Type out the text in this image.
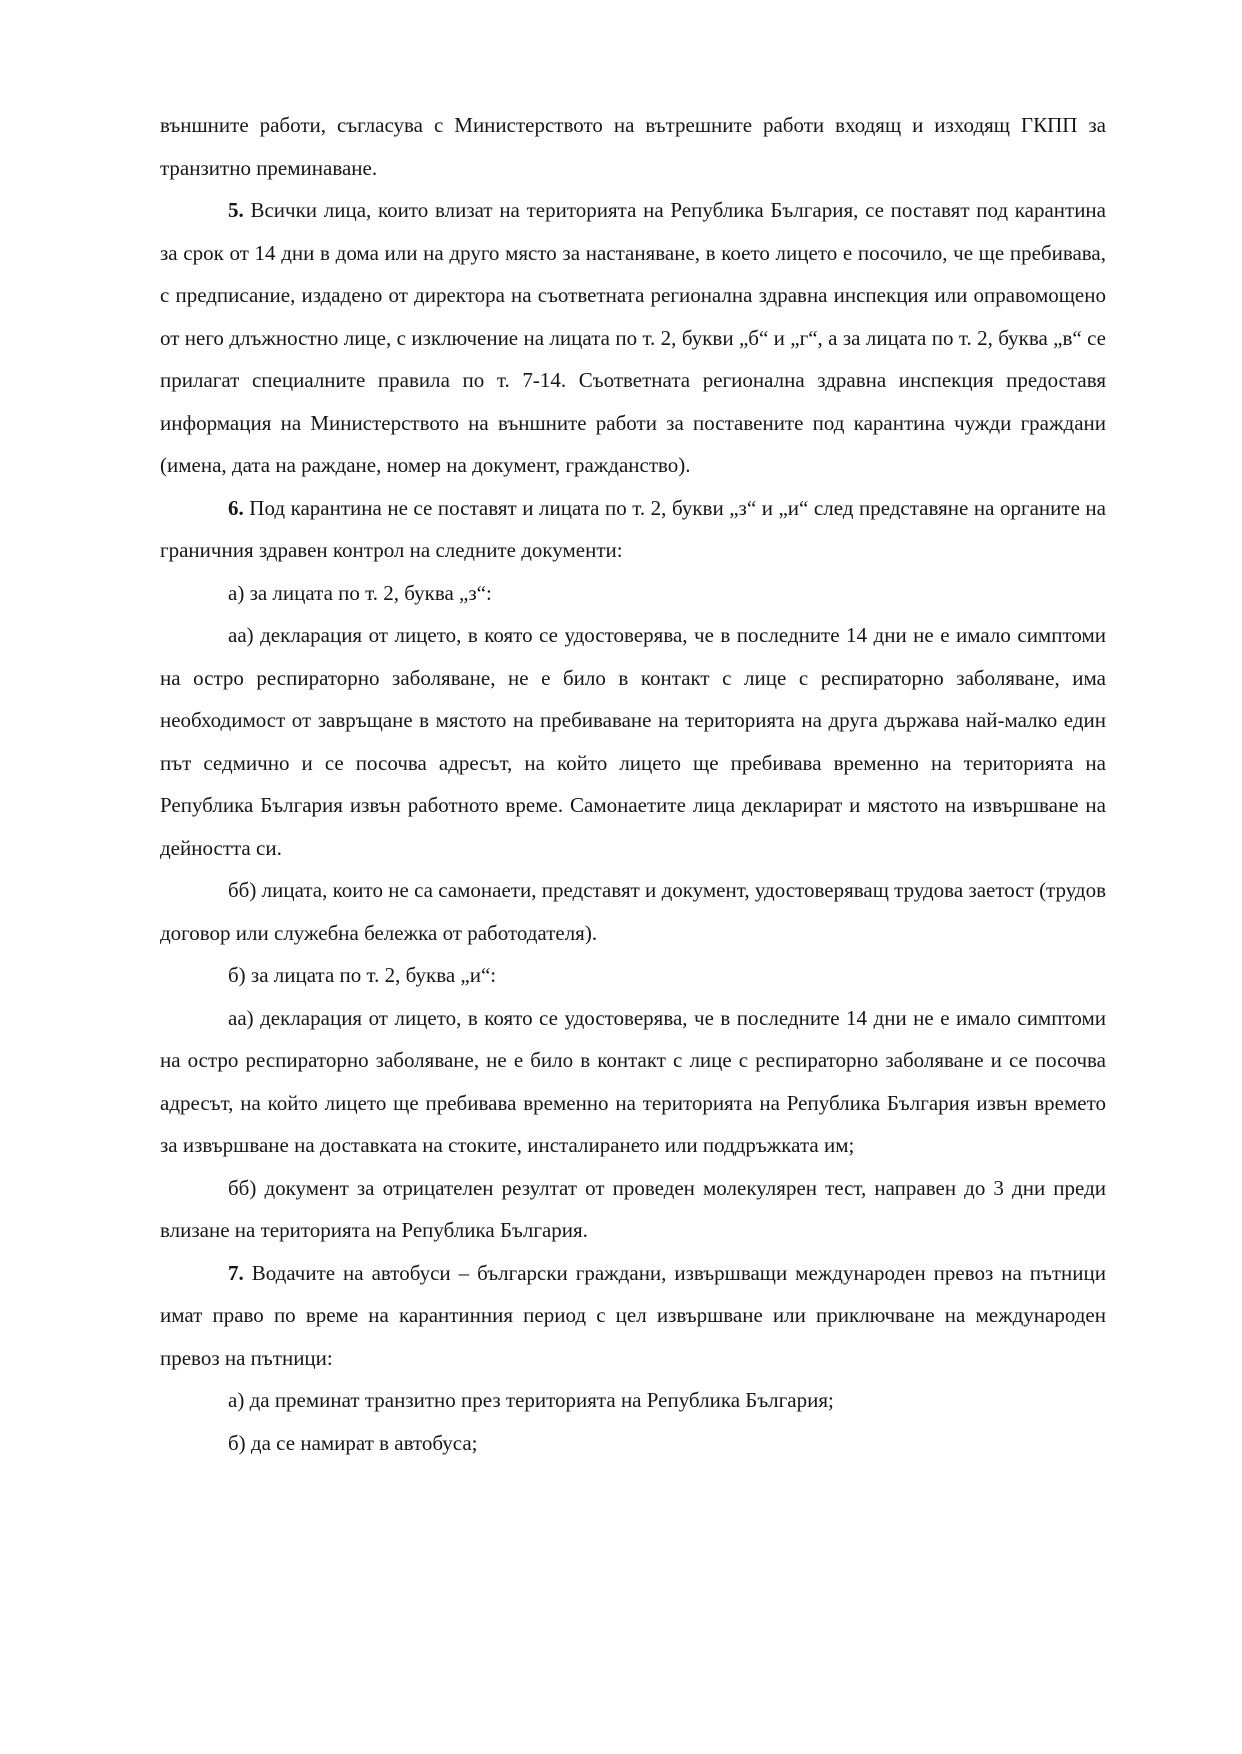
външните работи, съгласува с Министерството на вътрешните работи входящ и изходящ ГКПП за транзитно преминаване.

5. Всички лица, които влизат на територията на Република България, се поставят под карантина за срок от 14 дни в дома или на друго място за настаняване, в което лицето е посочило, че ще пребивава, с предписание, издадено от директора на съответната регионална здравна инспекция или оправомощено от него длъжностно лице, с изключение на лицата по т. 2, букви „б“ и „г“, а за лицата по т. 2, буква „в“ се прилагат специалните правила по т. 7-14. Съответната регионална здравна инспекция предоставя информация на Министерството на външните работи за поставените под карантина чужди граждани (имена, дата на раждане, номер на документ, гражданство).

6. Под карантина не се поставят и лицата по т. 2, букви „з“ и „и“ след представяне на органите на граничния здравен контрол на следните документи:

а) за лицата по т. 2, буква „з“:

аа) декларация от лицето, в която се удостоверява, че в последните 14 дни не е имало симптоми на остро респираторно заболяване, не е било в контакт с лице с респираторно заболяване, има необходимост от завръщане в мястото на пребиваване на територията на друга държава най-малко един път седмично и се посочва адресът, на който лицето ще пребивава временно на територията на Република България извън работното време. Самонаетите лица декларират и мястото на извършване на дейността си.

бб) лицата, които не са самонаети, представят и документ, удостоверяващ трудова заетост (трудов договор или служебна бележка от работодателя).

б) за лицата по т. 2, буква „и“:

аа) декларация от лицето, в която се удостоверява, че в последните 14 дни не е имало симптоми на остро респираторно заболяване, не е било в контакт с лице с респираторно заболяване и се посочва адресът, на който лицето ще пребивава временно на територията на Република България извън времето за извършване на доставката на стоките, инсталирането или поддръжката им;

бб) документ за отрицателен резултат от проведен молекулярен тест, направен до 3 дни преди влизане на територията на Република България.

7. Водачите на автобуси – български граждани, извършващи международен превоз на пътници имат право по време на карантинния период с цел извършване или приключване на международен превоз на пътници:

а) да преминат транзитно през територията на Република България;

б) да се намират в автобуса;
